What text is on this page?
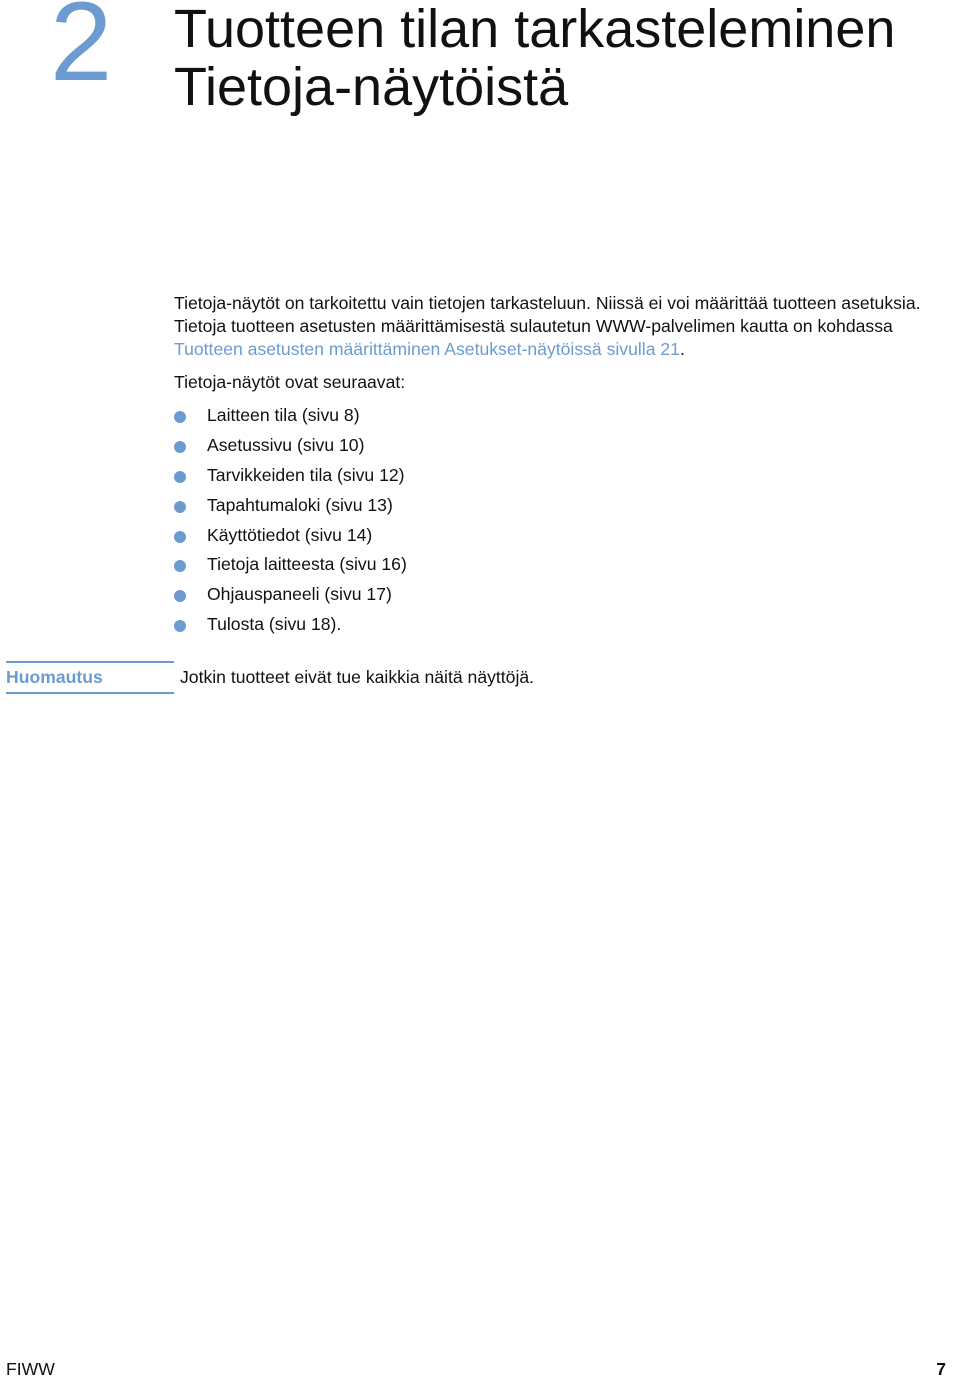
2 Tuotteen tilan tarkasteleminen
Tietoja-näytöistä
Tietoja-näytöt on tarkoitettu vain tietojen tarkasteluun. Niissä ei voi määrittää tuotteen asetuksia.
Tietoja tuotteen asetusten määrittämisestä sulautetun WWW-palvelimen kautta on kohdassa
Tuotteen asetusten määrittäminen Asetukset-näytöissä sivulla 21.
Tietoja-näytöt ovat seuraavat:
Laitteen tila (sivu 8)
Asetussivu (sivu 10)
Tarvikkeiden tila (sivu 12)
Tapahtumaloki (sivu 13)
Käyttötiedot (sivu 14)
Tietoja laitteesta (sivu 16)
Ohjauspaneeli (sivu 17)
Tulosta (sivu 18).
Huomautus	Jotkin tuotteet eivät tue kaikkia näitä näyttöjä.
FIWW	7
